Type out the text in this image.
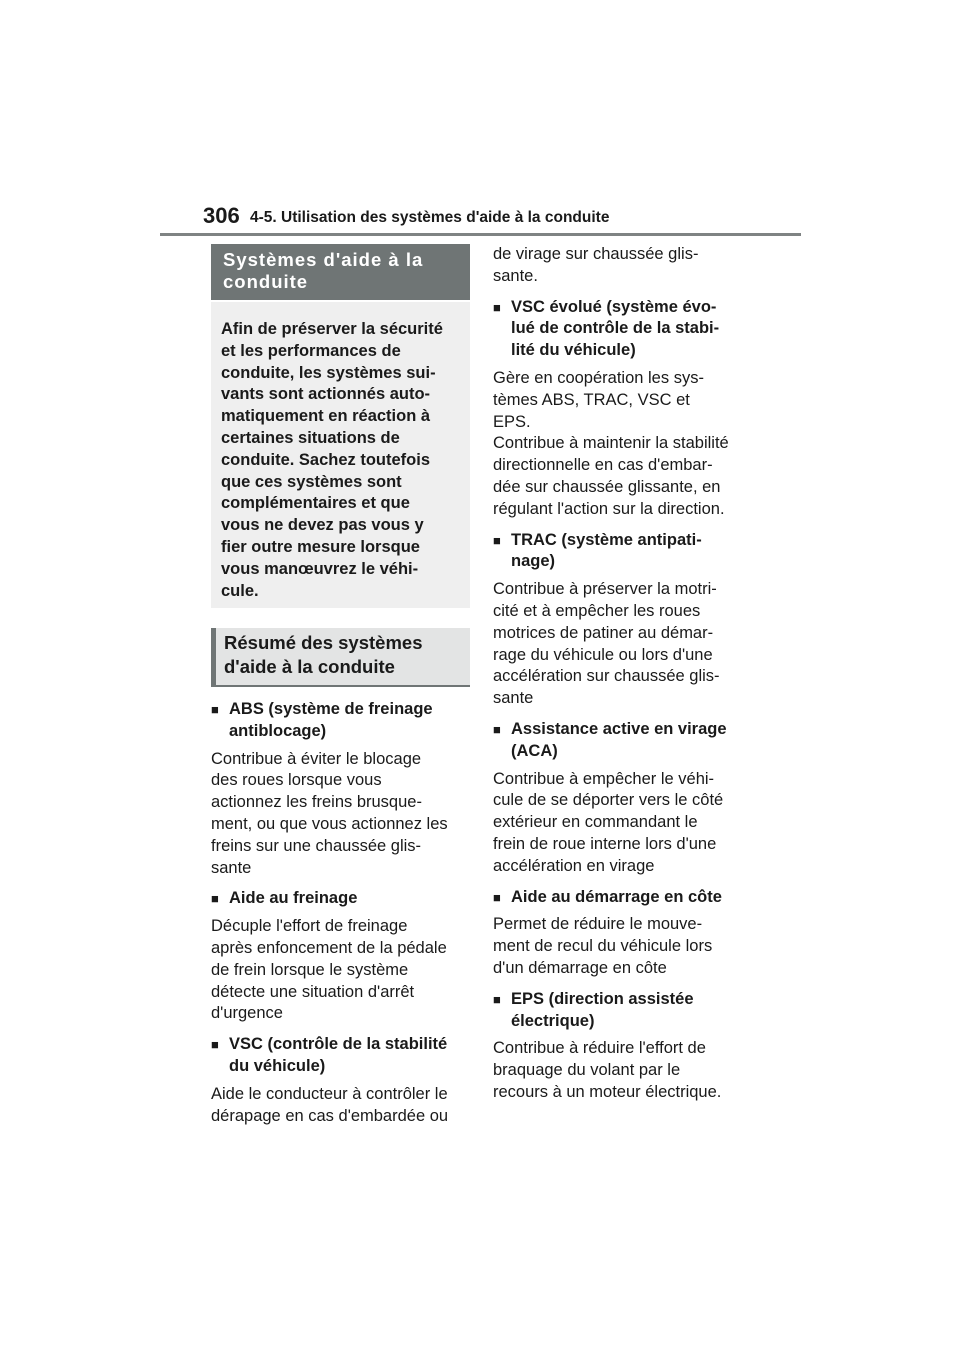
306 4-5. Utilisation des systèmes d'aide à la conduite
Systèmes d'aide à la
conduite
Afin de préserver la sécurité
et les performances de
conduite, les systèmes sui-
vants sont actionnés auto-
matiquement en réaction à
certaines situations de
conduite. Sachez toutefois
que ces systèmes sont
complémentaires et que
vous ne devez pas vous y
fier outre mesure lorsque
vous manœuvrez le véhi-
cule.
Résumé des systèmes
d'aide à la conduite
■ ABS (système de freinage
antiblocage)
Contribue à éviter le blocage
des roues lorsque vous
actionnez les freins brusque-
ment, ou que vous actionnez les
freins sur une chaussée glis-
sante
■ Aide au freinage
Décuple l'effort de freinage
après enfoncement de la pédale
de frein lorsque le système
détecte une situation d'arrêt
d'urgence
■ VSC (contrôle de la stabilité
du véhicule)
Aide le conducteur à contrôler le
dérapage en cas d'embardée ou
de virage sur chaussée glis-
sante.
■ VSC évolué (système évo-
lué de contrôle de la stabi-
lité du véhicule)
Gère en coopération les sys-
tèmes ABS, TRAC, VSC et
EPS.
Contribue à maintenir la stabilité
directionnelle en cas d'embar-
dée sur chaussée glissante, en
régulant l'action sur la direction.
■ TRAC (système antipati-
nage)
Contribue à préserver la motri-
cité et à empêcher les roues
motrices de patiner au démar-
rage du véhicule ou lors d'une
accélération sur chaussée glis-
sante
■ Assistance active en virage
(ACA)
Contribue à empêcher le véhi-
cule de se déporter vers le côté
extérieur en commandant le
frein de roue interne lors d'une
accélération en virage
■ Aide au démarrage en côte
Permet de réduire le mouve-
ment de recul du véhicule lors
d'un démarrage en côte
■ EPS (direction assistée
électrique)
Contribue à réduire l'effort de
braquage du volant par le
recours à un moteur électrique.
